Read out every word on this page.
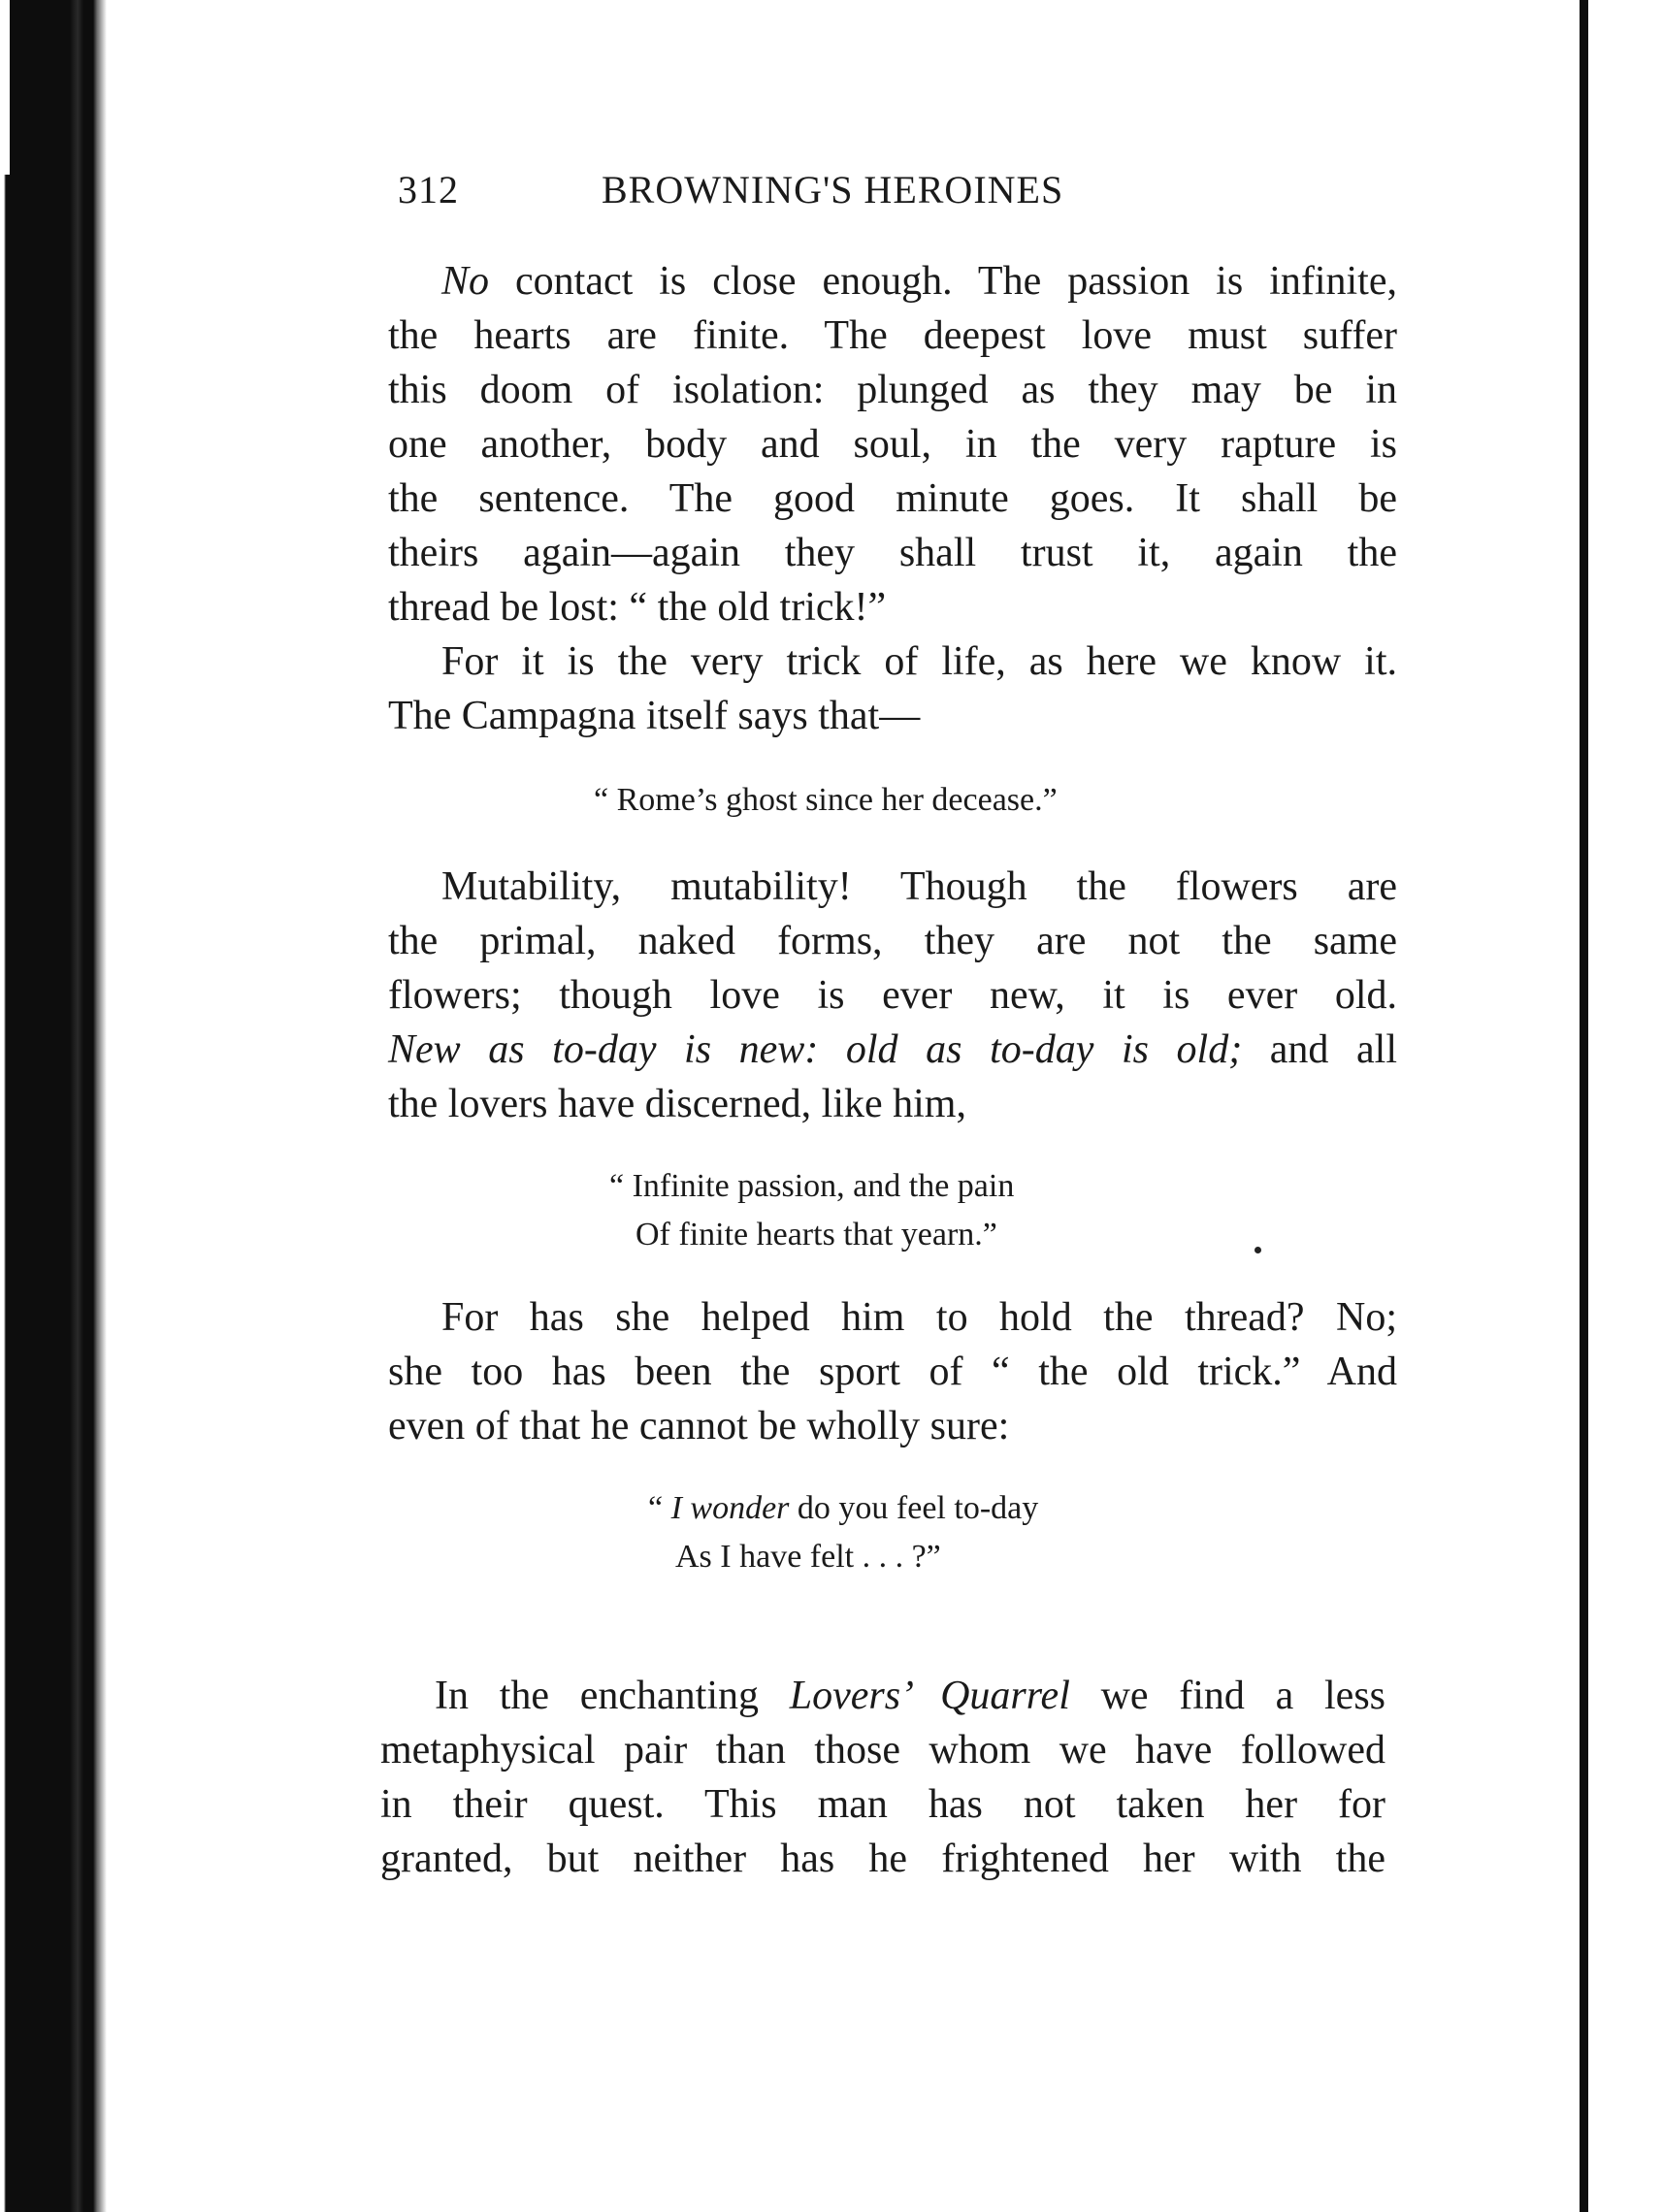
312	BROWNING'S HEROINES
No contact is close enough. The passion is infinite,
the hearts are finite. The deepest love must suffer
this doom of isolation: plunged as they may be in
one another, body and soul, in the very rapture is
the sentence. The good minute goes. It shall be
theirs again—again they shall trust it, again the
thread be lost: “ the old trick!”
For it is the very trick of life, as here we know it.
The Campagna itself says that—
“ Rome’s ghost since her decease.”
Mutability, mutability! Though the flowers are
the primal, naked forms, they are not the same
flowers; though love is ever new, it is ever old.
New as to-day is new: old as to-day is old; and all
the lovers have discerned, like him,
“ Infinite passion, and the pain
Of finite hearts that yearn.”
For has she helped him to hold the thread? No;
she too has been the sport of “ the old trick.” And
even of that he cannot be wholly sure:
“ I wonder do you feel to-day
As I have felt . . . ?”
In the enchanting Lovers’ Quarrel we find a less
metaphysical pair than those whom we have followed
in their quest. This man has not taken her for
granted, but neither has he frightened her with the
